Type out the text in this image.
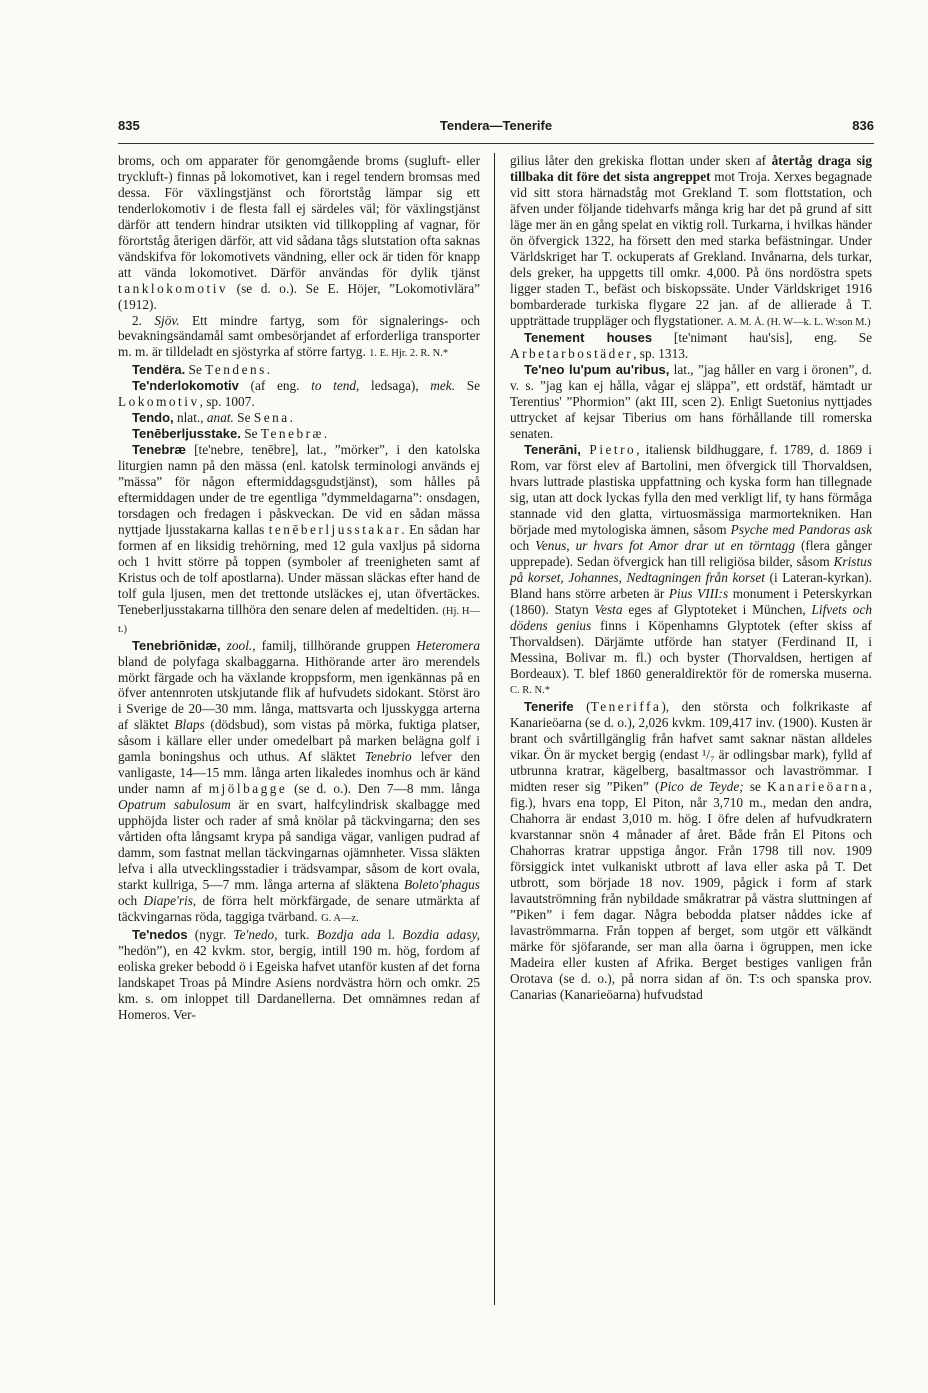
835	Tendera—Tenerife	836

broms, och om apparater för genomgående broms (sugluft- eller tryckluft-) finnas på lokomotivet, kan i regel tendern bromsas med dessa. För växlingstjänst och förortståg lämpar sig ett tenderlokomotiv i de flesta fall ej särdeles väl; för växlingstjänst därför att tendern hindrar utsikten vid tillkoppling af vagnar, för förortståg återigen därför, att vid sådana tågs slutstation ofta saknas vändskifva för lokomotivets vändning, eller ock är tiden för knapp att vända lokomotivet. Därför användas för dylik tjänst tanklokomotiv (se d. o.). Se E. Höjer, ”Lokomotivlära” (1912).

2. Sjöv. Ett mindre fartyg, som för signalerings- och bevakningsändamål samt ombesörjandet af erforderliga transporter m. m. är tilldeladt en sjöstyrka af större fartyg. 1. E. Hjr. 2. R. N.*

Tendëra. Se Tendens.

Te'nderlokomotiv (af eng. to tend, ledsaga), mek. Se Lokomotiv, sp. 1007.

Tendo, nlat., anat. Se Sena.

Tenēberljusstake. Se Tenebræ.

Tenebræ [te'nebre, tenēbre], lat., ”mörker”, i den katolska liturgien namn på den mässa (enl. katolsk terminologi används ej ”mässa” för någon eftermiddagsgudstjänst), som hålles på eftermiddagen under de tre egentliga ”dymmeldagarna”: onsdagen, torsdagen och fredagen i påskveckan. De vid en sådan mässa nyttjade ljusstakarna kallas tenēberljusstakar. En sådan har formen af en liksidig trehörning, med 12 gula vaxljus på sidorna och 1 hvitt större på toppen (symboler af treenigheten samt af Kristus och de tolf apostlarna). Under mässan släckas efter hand de tolf gula ljusen, men det trettonde utsläckes ej, utan öfvertäckes. Teneberljusstakarna tillhöra den senare delen af medeltiden. (Hj. H—t.)

Tenebriōnidæ, zool., familj, tillhörande gruppen Heteromera bland de polyfaga skalbaggarna. Hithörande arter äro merendels mörkt färgade och ha växlande kroppsform, men igenkännas på en öfver antennroten utskjutande flik af hufvudets sidokant. Störst äro i Sverige de 20—30 mm. långa, mattsvarta och ljusskygga arterna af släktet Blaps (dödsbud), som vistas på mörka, fuktiga platser, såsom i källare eller under omedelbart på marken belägna golf i gamla boningshus och uthus. Af släktet Tenebrio lefver den vanligaste, 14—15 mm. långa arten likaledes inomhus och är känd under namn af mjölbagge (se d. o.). Den 7—8 mm. långa Opatrum sabulosum är en svart, halfcylindrisk skalbagge med upphöjda lister och rader af små knölar på täckvingarna; den ses vårtiden ofta långsamt krypa på sandiga vägar, vanligen pudrad af damm, som fastnat mellan täckvingarnas ojämnheter. Vissa släkten lefva i alla utvecklingsstadier i trädsvampar, såsom de kort ovala, starkt kullriga, 5—7 mm. långa arterna af släktena Boleto'phagus och Diape'ris, de förra helt mörkfärgade, de senare utmärkta af täckvingarnas röda, taggiga tvärband. G. A—z.

Te'nedos (nygr. Te'nedo, turk. Bozdja ada l. Bozdia adasy, ”hedön”), en 42 kvkm. stor, bergig, intill 190 m. hög, fordom af eoliska greker bebodd ö i Egeiska hafvet utanför kusten af det forna landskapet Troas på Mindre Asiens nordvästra hörn och omkr. 25 km. s. om inloppet till Dardanellerna. Det omnämnes redan af Homeros. Ver-

gilius låter den grekiska flottan under skeп af återtåg draga sig tillbaka dit före det sista angreppet mot Troja. Xerxes begagnade vid sitt stora härnadståg mot Grekland T. som flottstation, och äfven under följande tidehvarfs många krig har det på grund af sitt läge mer än en gång spelat en viktig roll. Turkarna, i hvilkas händer ön öfvergick 1322, ha försett den med starka befästningar. Under Världskriget har T. ockuperats af Grekland. Invånarna, dels turkar, dels greker, ha uppgetts till omkr. 4,000. På öns nordöstra spets ligger staden T., befäst och biskopssäte. Under Världskriget 1916 bombarderade turkiska flygare 22 jan. af de allierade å T. uppträttade truppläger och flygstationer. A. M. Å. (H. W—k. L. W:son M.)

Tenement houses [te'nimənt hau'sis], eng. Se Arbetarbostäder, sp. 1313.

Te'neo lu'pum au'ribus, lat., ”jag håller en varg i öronen”, d. v. s. ”jag kan ej hålla, vågar ej släppa”, ett ordstäf, hämtadt ur Terentius' ”Phormion” (akt III, scen 2). Enligt Suetonius nyttjades uttrycket af kejsar Tiberius om hans förhållande till romerska senaten.

Tenerāni, Pietro, italiensk bildhuggare, f. 1789, d. 1869 i Rom, var först elev af Bartolini, men öfvergick till Thorvaldsen, hvars luttrade plastiska uppfattning och kyska form han tillegnade sig, utan att dock lyckas fylla den med verkligt lif, ty hans förmåga stannade vid den glatta, virtuosmässiga marmortekniken. Han började med mytologiska ämnen, såsom Psyche med Pandoras ask och Venus, ur hvars fot Amor drar ut en törntagg (flera gånger upprepade). Sedan öfvergick han till religiösa bilder, såsom Kristus på korset, Johannes, Nedtagningen från korset (i Lateran-kyrkan). Bland hans större arbeten är Pius VIII:s monument i Peterskyrkan (1860). Statyn Vesta eges af Glyptoteket i München, Lifvets och dödens genius finns i Köpenhamns Glyptotek (efter skiss af Thorvaldsen). Därjämte utförde han statyer (Ferdinand II, i Messina, Bolivar m. fl.) och byster (Thorvaldsen, hertigen af Bordeaux). T. blef 1860 generaldirektör för de romerska muserna. C. R. N.*

Tenerife (Teneriffa), den största och folkrikaste af Kanarieöarna (se d. o.), 2,026 kvkm. 109,417 inv. (1900). Kusten är brant och svårtillgänglig från hafvet samt saknar nästan alldeles vikar. Ön är mycket bergig (endast ¹/₇ är odlingsbar mark), fylld af utbrunna kratrar, kägelberg, basaltmassor och lavaströmmar. I midten reser sig ”Piken” (Pico de Teyde; se Kanarieöarna, fig.), hvars ena topp, El Piton, når 3,710 m., medan den andra, Chahorra är endast 3,010 m. hög. I öfre delen af hufvudkratern kvarstannar snön 4 månader af året. Både från El Pitons och Chahorras kratrar uppstiga ångor. Från 1798 till nov. 1909 försiggick intet vulkaniskt utbrott af lava eller aska på T. Det utbrott, som började 18 nov. 1909, pågick i form af stark lavautströmning från nybildade småkratrar på västra sluttningen af ”Piken” i fem dagar. Några bebodda platser nåddes icke af lavaströmmarna. Från toppen af berget, som utgör ett välkändt märke för sjöfarande, ser man alla öarna i ögruppen, men icke Madeira eller kusten af Afrika. Berget bestiges vanligen från Orotava (se d. o.), på norra sidan af ön. T:s och spanska prov. Canarias (Kanarieöarna) hufvudstad
